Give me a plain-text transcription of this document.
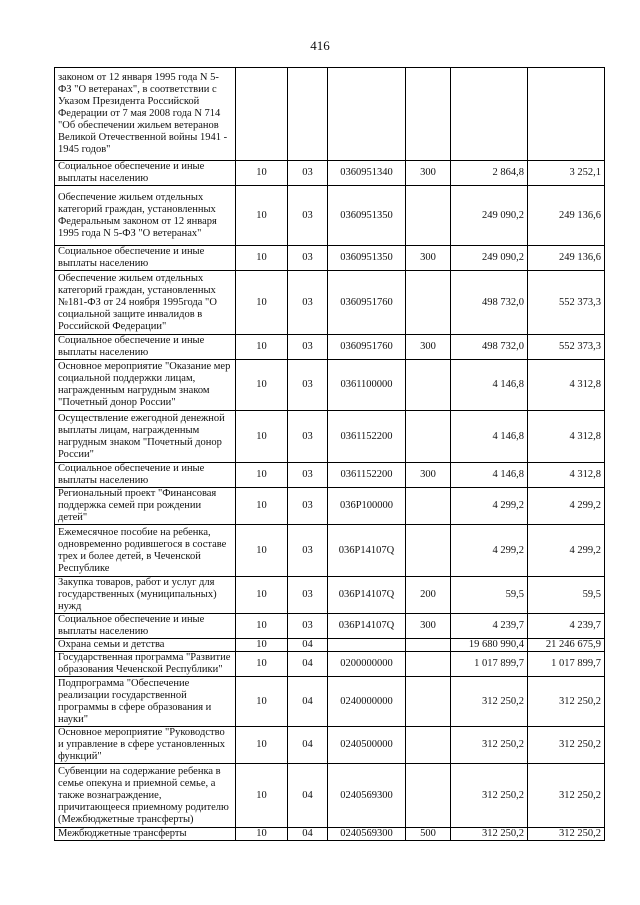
416
законом от 12 января 1995 года N 5-ФЗ "О ветеранах", в соответствии с Указом Президента Российской Федерации от 7 мая 2008 года N 714 "Об обеспечении жильем ветеранов Великой Отечественной войны 1941 - 1945 годов"						
Социальное обеспечение и иные выплаты населению	10	03	0360951340	300	2 864,8	3 252,1
Обеспечение жильем отдельных категорий граждан, установленных Федеральным законом от 12 января 1995 года N 5-ФЗ "О ветеранах"	10	03	0360951350		249 090,2	249 136,6
Социальное обеспечение и иные выплаты населению	10	03	0360951350	300	249 090,2	249 136,6
Обеспечение жильем отдельных категорий граждан, установленных №181-ФЗ от 24 ноября 1995года "О социальной защите инвалидов в Российской Федерации"	10	03	0360951760		498 732,0	552 373,3
Социальное обеспечение и иные выплаты населению	10	03	0360951760	300	498 732,0	552 373,3
Основное мероприятие "Оказание мер социальной поддержки лицам, награжденным нагрудным знаком "Почетный донор России"	10	03	0361100000		4 146,8	4 312,8
Осуществление ежегодной денежной выплаты лицам, награжденным нагрудным знаком "Почетный донор России"	10	03	0361152200		4 146,8	4 312,8
Социальное обеспечение и иные выплаты населению	10	03	0361152200	300	4 146,8	4 312,8
Региональный проект "Финансовая поддержка семей при рождении детей"	10	03	036P100000		4 299,2	4 299,2
Ежемесячное пособие на ребенка, одновременно родившегося в составе трех и более детей, в Чеченской Республике	10	03	036P14107Q		4 299,2	4 299,2
Закупка товаров, работ и услуг для государственных (муниципальных) нужд	10	03	036P14107Q	200	59,5	59,5
Социальное обеспечение и иные выплаты населению	10	03	036P14107Q	300	4 239,7	4 239,7
Охрана семьи и детства	10	04			19 680 990,4	21 246 675,9
Государственная программа "Развитие образования Чеченской Республики"	10	04	0200000000		1 017 899,7	1 017 899,7
Подпрограмма "Обеспечение реализации государственной программы в сфере образования и науки"	10	04	0240000000		312 250,2	312 250,2
Основное мероприятие "Руководство и управление в сфере установленных функций"	10	04	0240500000		312 250,2	312 250,2
Субвенции на содержание ребенка в семье опекуна и приемной семье, а также вознаграждение, причитающееся приемному родителю (Межбюджетные трансферты)	10	04	0240569300		312 250,2	312 250,2
Межбюджетные трансферты	10	04	0240569300	500	312 250,2	312 250,2
